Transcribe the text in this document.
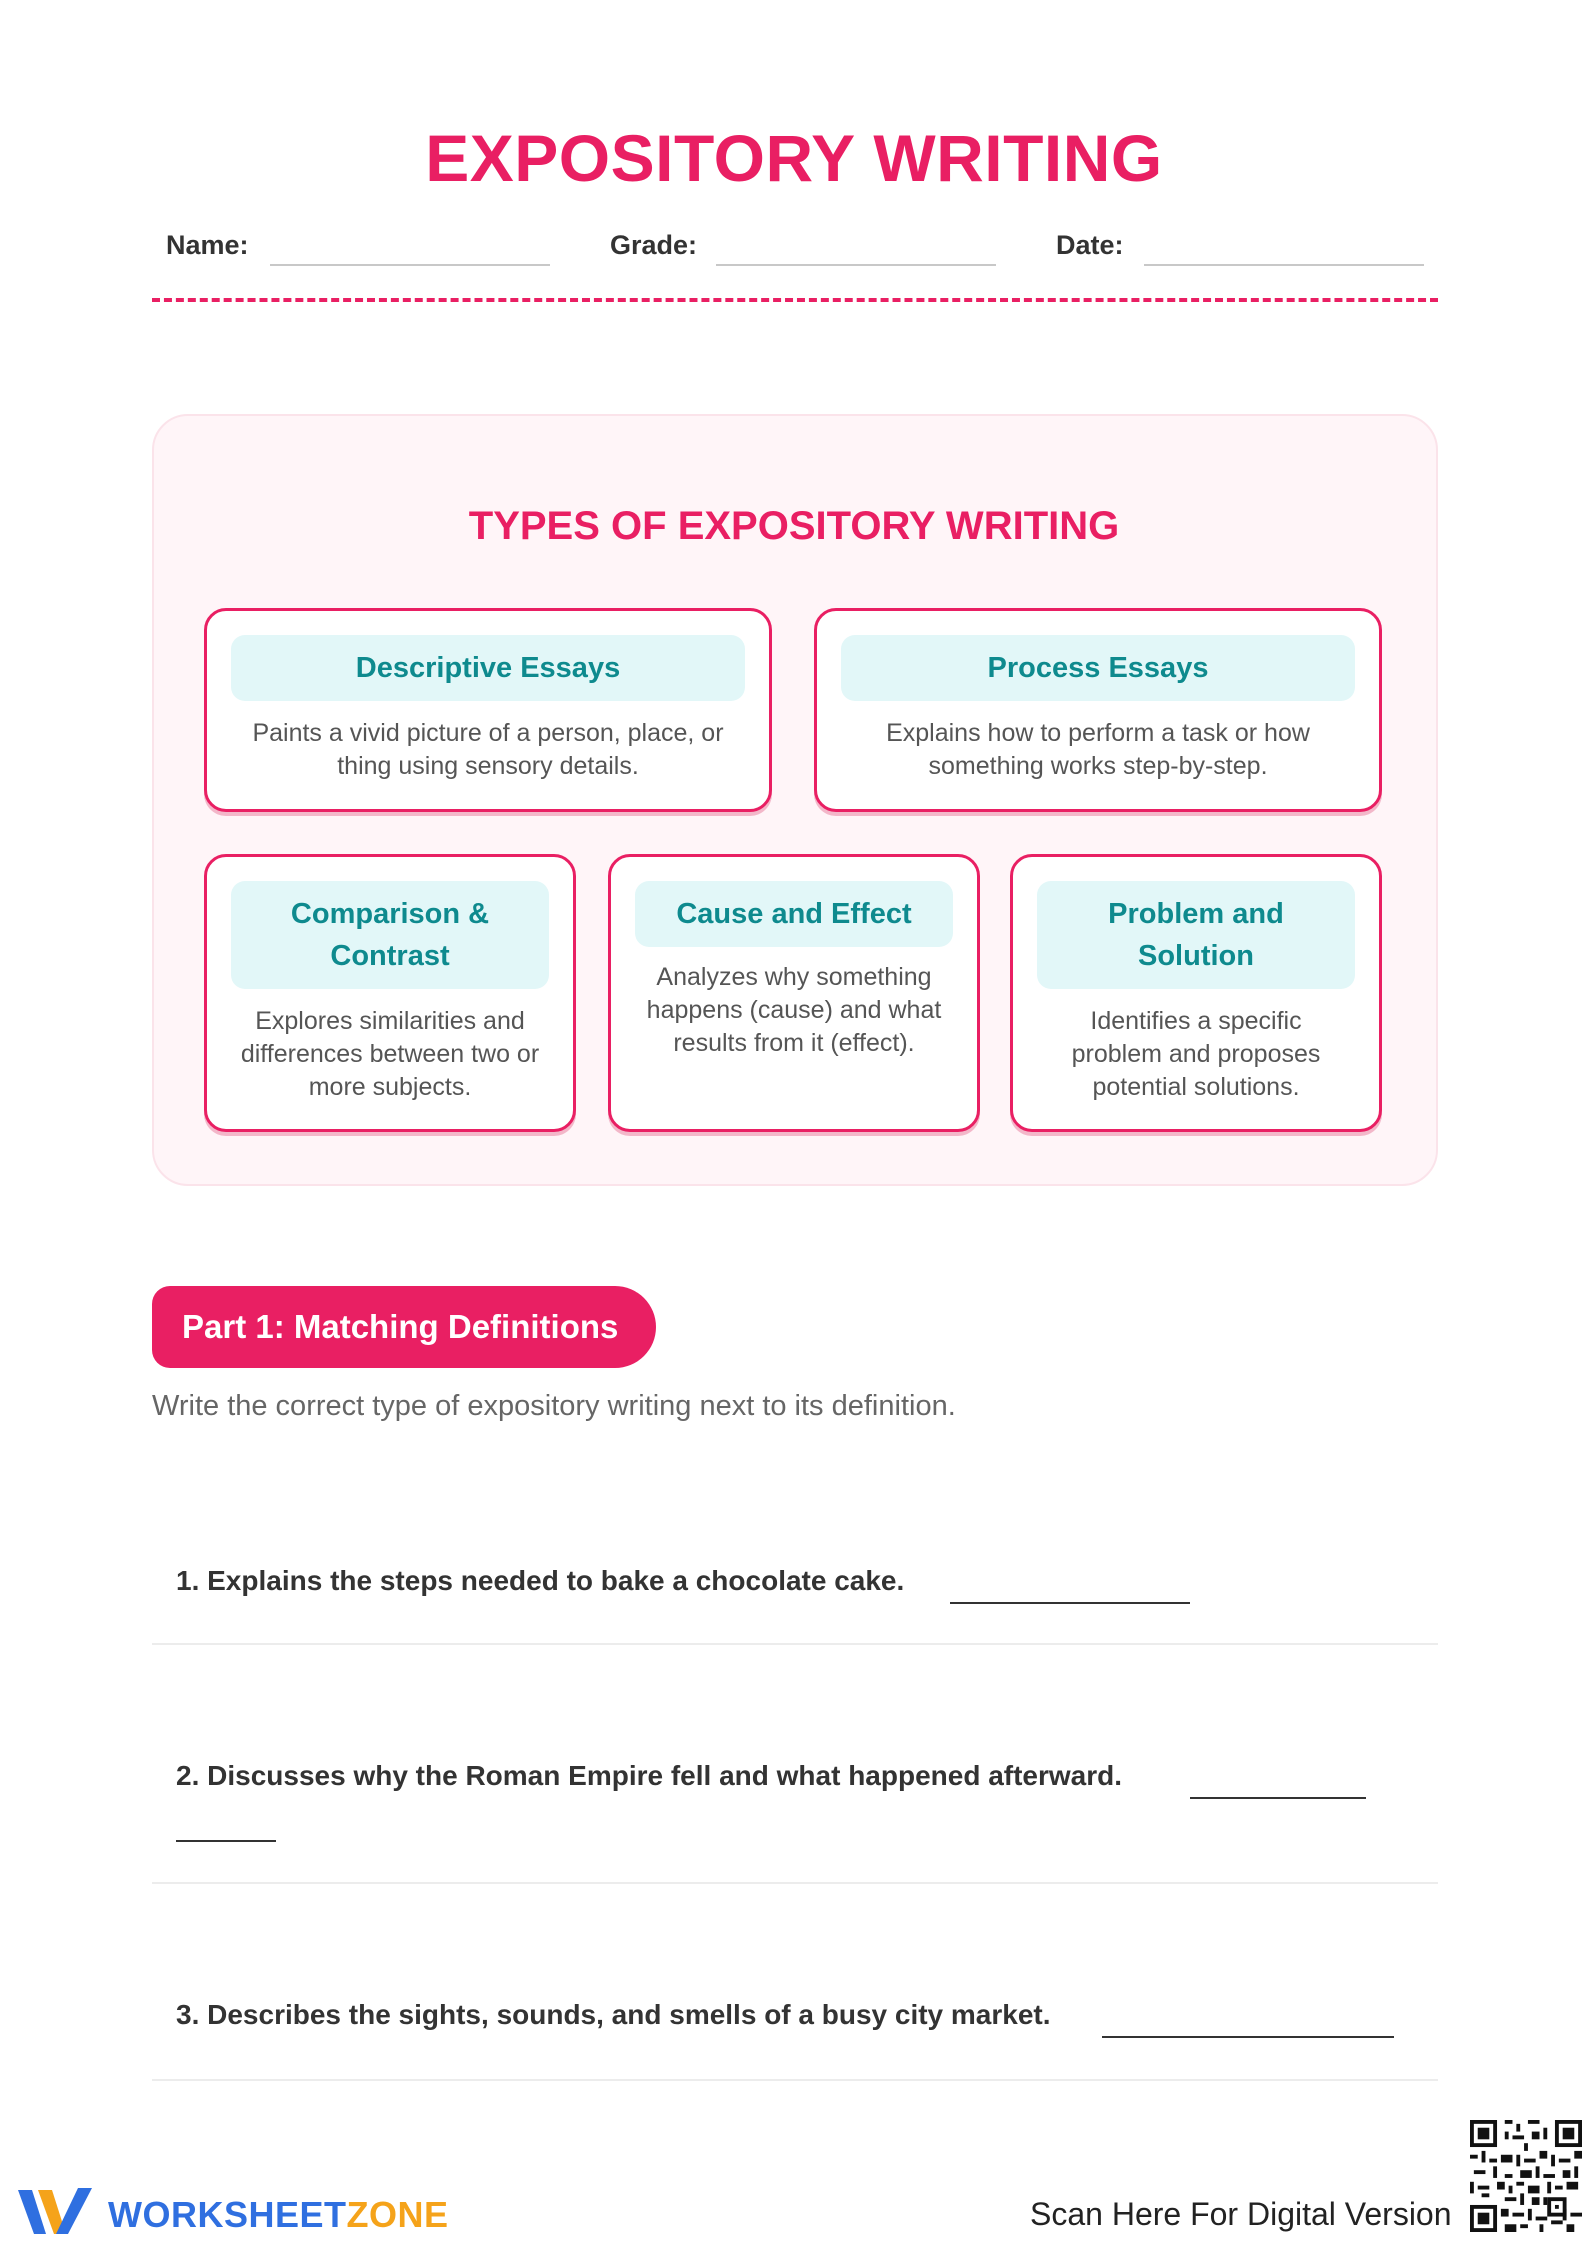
EXPOSITORY WRITING
Name:	Grade:	Date:
TYPES OF EXPOSITORY WRITING
Descriptive Essays
Paints a vivid picture of a person, place, or thing using sensory details.
Process Essays
Explains how to perform a task or how something works step-by-step.
Comparison & Contrast
Explores similarities and differences between two or more subjects.
Cause and Effect
Analyzes why something happens (cause) and what results from it (effect).
Problem and Solution
Identifies a specific problem and proposes potential solutions.
Part 1: Matching Definitions
Write the correct type of expository writing next to its definition.
1. Explains the steps needed to bake a chocolate cake.
2. Discusses why the Roman Empire fell and what happened afterward.
3. Describes the sights, sounds, and smells of a busy city market.
WORKSHEETZONE	Scan Here For Digital Version
